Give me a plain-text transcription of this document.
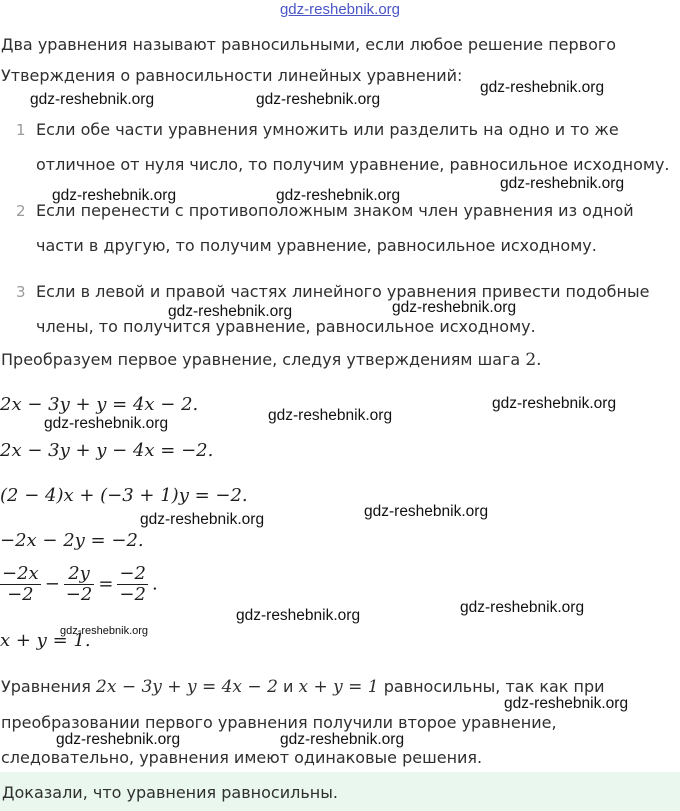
gdz-reshebnik.org
Два уравнения называют равносильными, если любое решение первого
Утверждения о равносильности линейных уравнений:
1 Если обе части уравнения умножить или разделить на одно и то же
отличное от нуля число, то получим уравнение, равносильное исходному.
2 Если перенести с противоположным знаком член уравнения из одной
части в другую, то получим уравнение, равносильное исходному.
3 Если в левой и правой частях линейного уравнения привести подобные
члены, то получится уравнение, равносильное исходному.
Преобразуем первое уравнение, следуя утверждениям шага 2.
2x − 3y + y = 4x − 2.
2x − 3y + y − 4x = −2.
(2 − 4)x + (−3 + 1)y = −2.
−2x − 2y = −2.
$\frac{-2x}{-2} - \frac{2y}{-2} = \frac{-2}{-2}$ .
x + y = 1.
Уравнения 2x − 3y + y = 4x − 2 и x + y = 1 равносильны, так как при
преобразовании первого уравнения получили второе уравнение,
следовательно, уравнения имеют одинаковые решения.
Доказали, что уравнения равносильны.
gdz-reshebnik.org	gdz-reshebnik.org
gdz-reshebnik.org
gdz-reshebnik.org
gdz-reshebnik.org	gdz-reshebnik.org
gdz-reshebnik.org	gdz-reshebnik.org
gdz-reshebnik.org
gdz-reshebnik.org
gdz-reshebnik.org
gdz-reshebnik.org	gdz-reshebnik.org
gdz-reshebnik.org	gdz-reshebnik.org
gdz-reshebnik.org
gdz-reshebnik.org
gdz-reshebnik.org	gdz-reshebnik.org
